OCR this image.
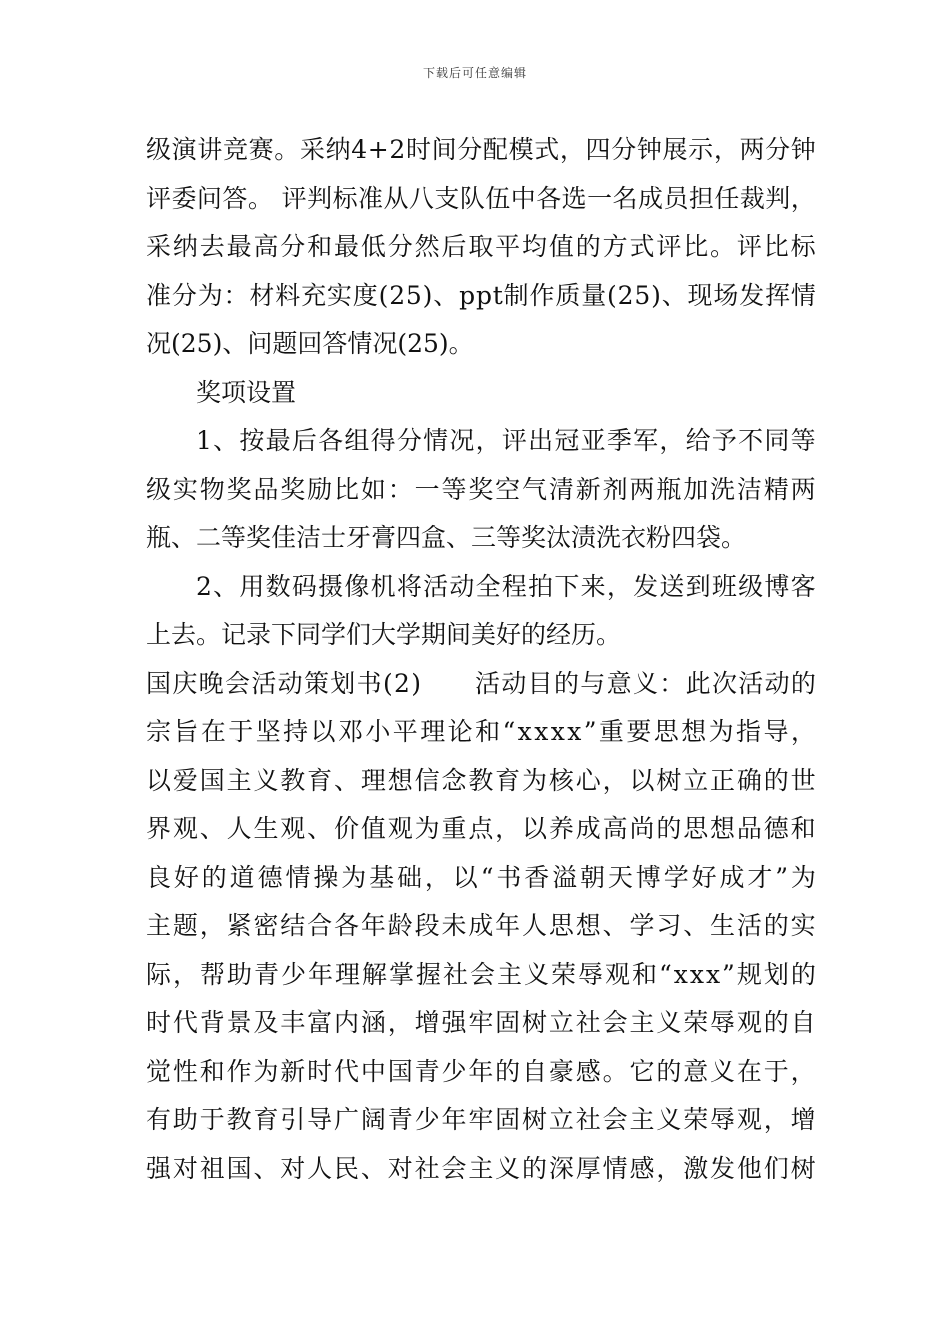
下载后可任意编辑
级 演 讲 竞 赛 。 采 纳 4 + 2 时 间 分 配 模 式 ， 四 分 钟 展 示 ， 两 分 钟
评 委 问 答 。
评 判 标 准 从 八 支 队 伍 中 各 选 一 名 成 员 担 任 裁 判 ，
采 纳 去 最 高 分 和 最 低 分 然 后 取 平 均 值 的 方 式 评 比 。 评 比 标
准 分 为 ： 材 料 充 实 度 ( 2 5 ) 、 p p t 制 作 质 量 ( 2 5 ) 、 现 场 发 挥 情
况(25)、问题回答情况(25)。
奖项设置
1 、 按 最 后 各 组 得 分 情 况 ， 评 出 冠 亚 季 军 ， 给 予 不 同 等
级 实 物 奖 品 奖 励 比 如 ： 一 等 奖 空 气 清 新 剂 两 瓶 加 洗 洁 精 两
瓶、二等奖佳洁士牙膏四盒、三等奖汰渍洗衣粉四袋。
2 、 用 数 码 摄 像 机 将 活 动 全 程 拍 下 来 ， 发 送 到 班 级 博 客
上去。记录下同学们大学期间美好的经历。
国 庆 晚 会 活 动 策 划 书 ( 2 )

　 活 动 目 的 与 意 义 ： 此 次 活 动 的
宗 旨 在 于 坚 持 以 邓 小 平 理 论 和 “ x x x x ” 重 要 思 想 为 指 导 ，
以 爱 国 主 义 教 育 、 理 想 信 念 教 育 为 核 心 ， 以 树 立 正 确 的 世
界 观 、 人 生 观 、 价 值 观 为 重 点 ， 以 养 成 高 尚 的 思 想 品 德 和
良 好 的 道 德 情 操 为 基 础 ， 以 “ 书 香 溢 朝 天 博 学 好 成 才 ” 为
主 题 ， 紧 密 结 合 各 年 龄 段 未 成 年 人 思 想 、 学 习 、 生 活 的 实
际 ， 帮 助 青 少 年 理 解 掌 握 社 会 主 义 荣 辱 观 和 “ x x x ” 规 划 的
时 代 背 景 及 丰 富 内 涵 ， 增 强 牢 固 树 立 社 会 主 义 荣 辱 观 的 自
觉 性 和 作 为 新 时 代 中 国 青 少 年 的 自 豪 感 。 它 的 意 义 在 于 ，
有 助 于 教 育 引 导 广 阔 青 少 年 牢 固 树 立 社 会 主 义 荣 辱 观 ， 增
强 对 祖 国 、 对 人 民 、 对 社 会 主 义 的 深 厚 情 感 ， 激 发 他 们 树
